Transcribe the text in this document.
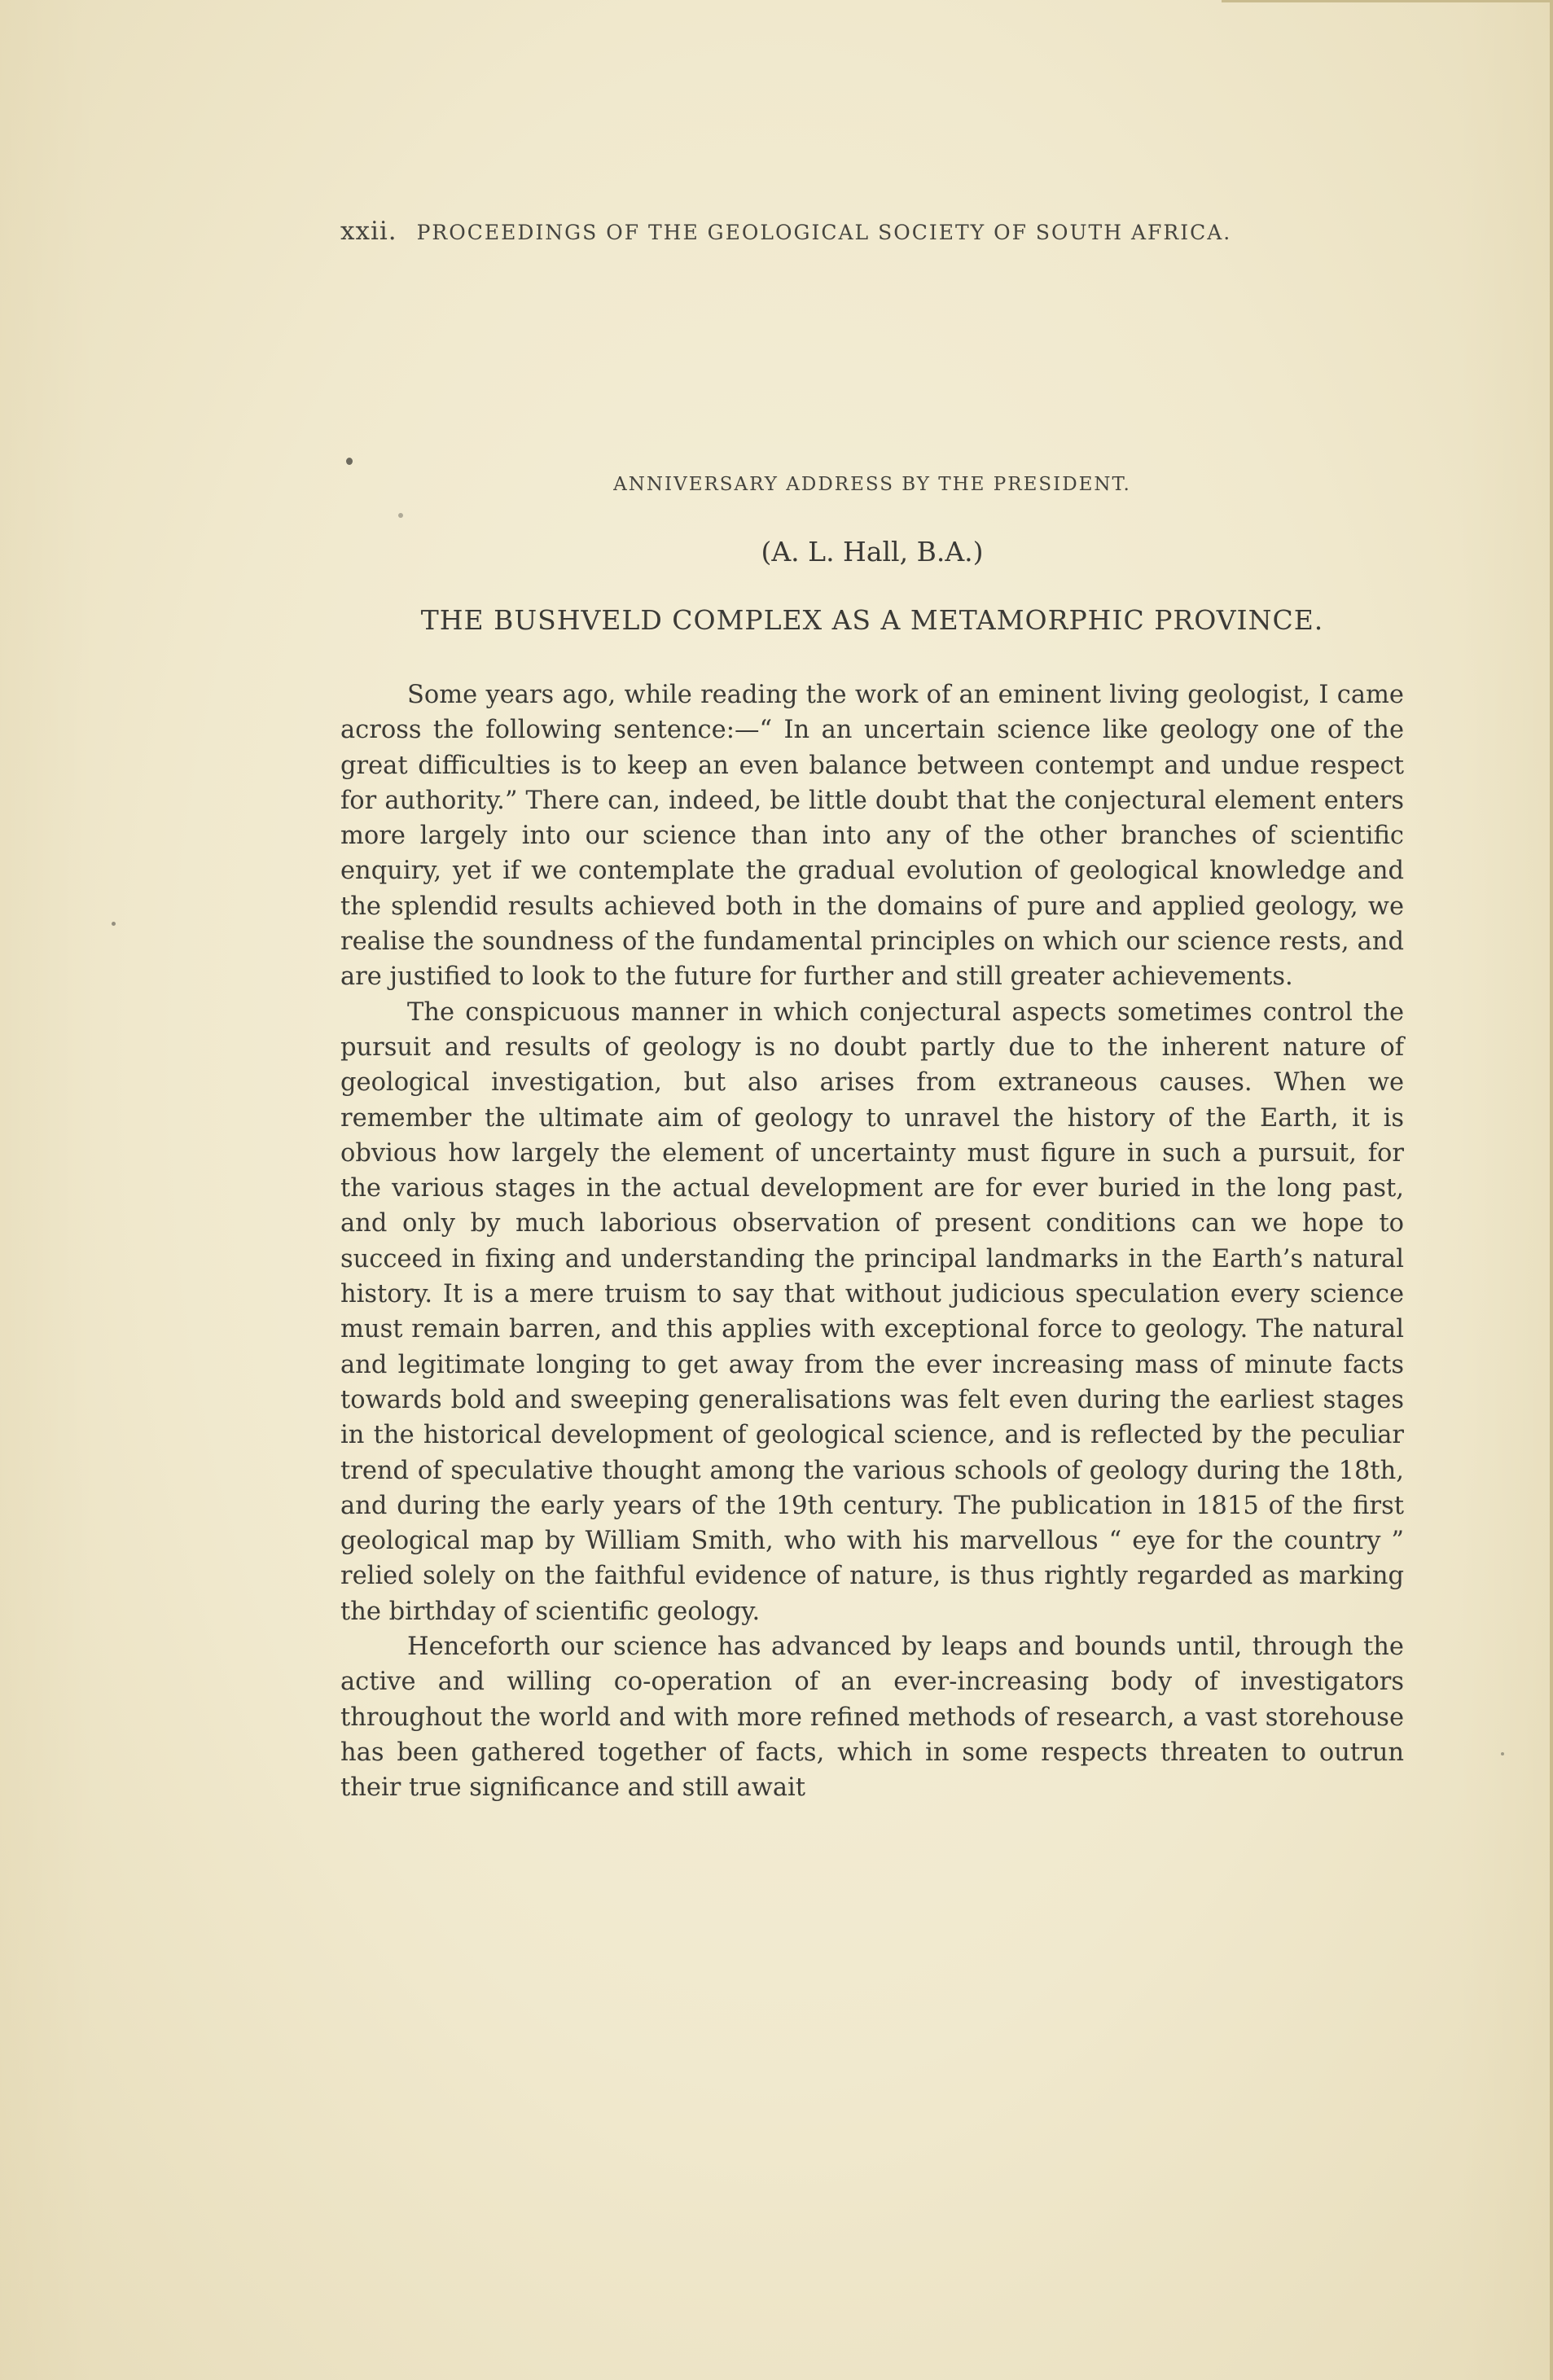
xxii. PROCEEDINGS OF THE GEOLOGICAL SOCIETY OF SOUTH AFRICA.
ANNIVERSARY ADDRESS BY THE PRESIDENT.
(A. L. Hall, B.A.)
THE BUSHVELD COMPLEX AS A METAMORPHIC PROVINCE.

Some years ago, while reading the work of an eminent living geologist, I came across the following sentence:—“ In an uncertain science like geology one of the great difficulties is to keep an even balance between contempt and undue respect for authority.” There can, indeed, be little doubt that the conjectural element enters more largely into our science than into any of the other branches of scientific enquiry, yet if we contemplate the gradual evolution of geological knowledge and the splendid results achieved both in the domains of pure and applied geology, we realise the soundness of the fundamental principles on which our science rests, and are justified to look to the future for further and still greater achievements.

The conspicuous manner in which conjectural aspects sometimes control the pursuit and results of geology is no doubt partly due to the inherent nature of geological investigation, but also arises from extraneous causes. When we remember the ultimate aim of geology to unravel the history of the Earth, it is obvious how largely the element of uncertainty must figure in such a pursuit, for the various stages in the actual development are for ever buried in the long past, and only by much laborious observation of present conditions can we hope to succeed in fixing and understanding the principal landmarks in the Earth’s natural history. It is a mere truism to say that without judicious speculation every science must remain barren, and this applies with exceptional force to geology. The natural and legitimate longing to get away from the ever increasing mass of minute facts towards bold and sweeping generalisations was felt even during the earliest stages in the historical development of geological science, and is reflected by the peculiar trend of speculative thought among the various schools of geology during the 18th, and during the early years of the 19th century. The publication in 1815 of the first geological map by William Smith, who with his marvellous “ eye for the country ” relied solely on the faithful evidence of nature, is thus rightly regarded as marking the birthday of scientific geology.

Henceforth our science has advanced by leaps and bounds until, through the active and willing co-operation of an ever-increasing body of investigators throughout the world and with more refined methods of research, a vast storehouse has been gathered together of facts, which in some respects threaten to outrun their true significance and still await
